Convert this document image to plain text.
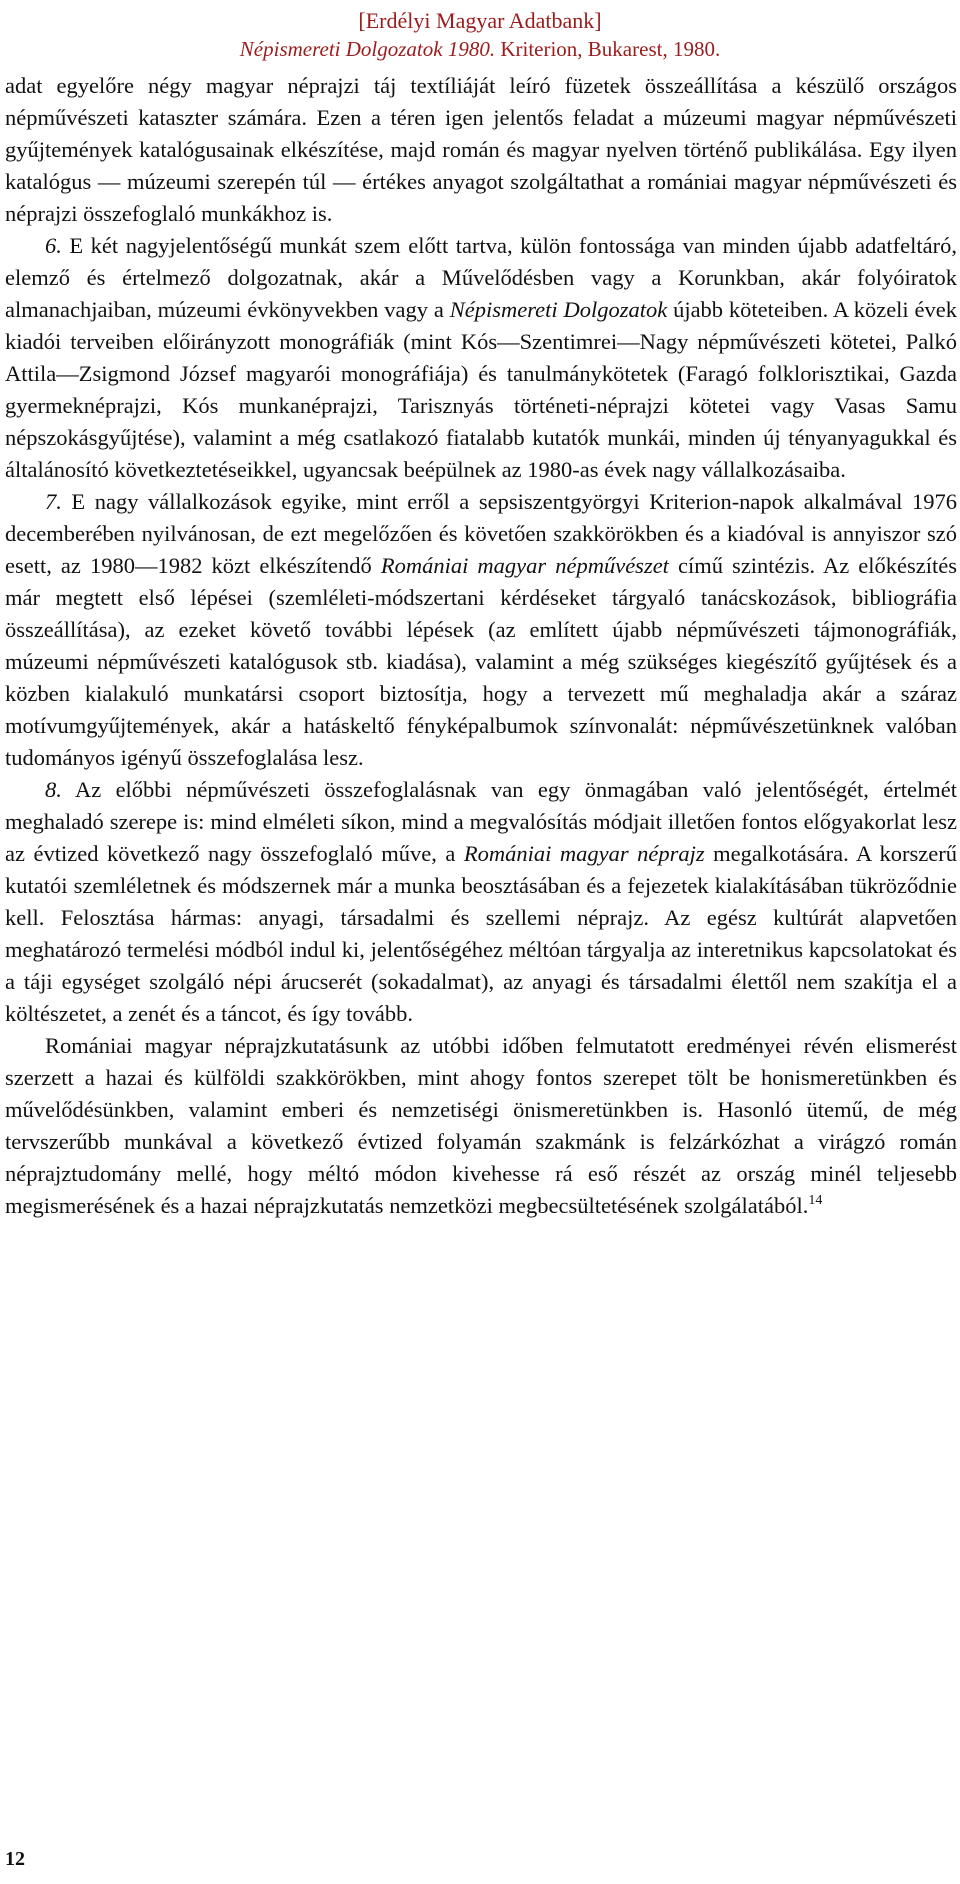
[Erdélyi Magyar Adatbank]
Népismereti Dolgozatok 1980. Kriterion, Bukarest, 1980.

adat egyelőre négy magyar néprajzi táj textíliáját leíró füzetek összeállítása a készülő országos népművészeti kataszter számára. Ezen a téren igen jelentős feladat a múzeumi magyar népművészeti gyűjtemények katalógusainak elkészítése, majd román és magyar nyelven történő publikálása. Egy ilyen katalógus — múzeumi szerepén túl — értékes anyagot szolgáltathat a romániai magyar népművészeti és néprajzi összefoglaló munkákhoz is.

6. E két nagyjelentőségű munkát szem előtt tartva, külön fontossága van minden újabb adatfeltáró, elemző és értelmező dolgozatnak, akár a Művelődésben vagy a Korunkban, akár folyóiratok almanachjaiban, múzeumi évkönyvekben vagy a Népismereti Dolgozatok újabb köteteiben. A közeli évek kiadói terveiben előirányzott monográfiák (mint Kós—Szentimrei—Nagy népművészeti kötetei, Palkó Attila—Zsigmond József magyarói monográfiája) és tanulmánykötetek (Faragó folklorisztikai, Gazda gyermeknéprajzi, Kós munkanéprajzi, Tarisznyás történeti-néprajzi kötetei vagy Vasas Samu népszokásgyűjtése), valamint a még csatlakozó fiatalabb kutatók munkái, minden új tényanyagukkal és általánosító következtetéseikkel, ugyancsak beépülnek az 1980-as évek nagy vállalkozásaiba.

7. E nagy vállalkozások egyike, mint erről a sepsiszentgyörgyi Kriterion-napok alkalmával 1976 decemberében nyilvánosan, de ezt megelőzően és követően szakkörökben és a kiadóval is annyiszor szó esett, az 1980—1982 közt elkészítendő Romániai magyar népművészet című szintézis. Az előkészítés már megtett első lépései (szemléleti-módszertani kérdéseket tárgyaló tanácskozások, bibliográfia összeállítása), az ezeket követő további lépések (az említett újabb népművészeti tájmonográfiák, múzeumi népművészeti katalógusok stb. kiadása), valamint a még szükséges kiegészítő gyűjtések és a közben kialakuló munkatársi csoport biztosítja, hogy a tervezett mű meghaladja akár a száraz motívumgyűjtemények, akár a hatáskeltő fényképalbumok színvonalát: népművészetünknek valóban tudományos igényű összefoglalása lesz.

8. Az előbbi népművészeti összefoglalásnak van egy önmagában való jelentőségét, értelmét meghaladó szerepe is: mind elméleti síkon, mind a megvalósítás módjait illetően fontos előgyakorlat lesz az évtized következő nagy összefoglaló műve, a Romániai magyar néprajz megalkotására. A korszerű kutatói szemléletnek és módszernek már a munka beosztásában és a fejezetek kialakításában tükröződnie kell. Felosztása hármas: anyagi, társadalmi és szellemi néprajz. Az egész kultúrát alapvetően meghatározó termelési módból indul ki, jelentőségéhez méltóan tárgyalja az interetnikus kapcsolatokat és a táji egységet szolgáló népi árucserét (sokadalmat), az anyagi és társadalmi élettől nem szakítja el a költészetet, a zenét és a táncot, és így tovább.

Romániai magyar néprajzkutatásunk az utóbbi időben felmutatott eredményei révén elismerést szerzett a hazai és külföldi szakkörökben, mint ahogy fontos szerepet tölt be honismeretünkben és művelődésünkben, valamint emberi és nemzetiségi önismeretünkben is. Hasonló ütemű, de még tervszerűbb munkával a következő évtized folyamán szakmánk is felzárkózhat a virágzó román néprajztudomány mellé, hogy méltó módon kivehesse rá eső részét az ország minél teljesebb megismerésének és a hazai néprajzkutatás nemzetközi megbecsültetésének szolgálatából.$^{14}$

12
